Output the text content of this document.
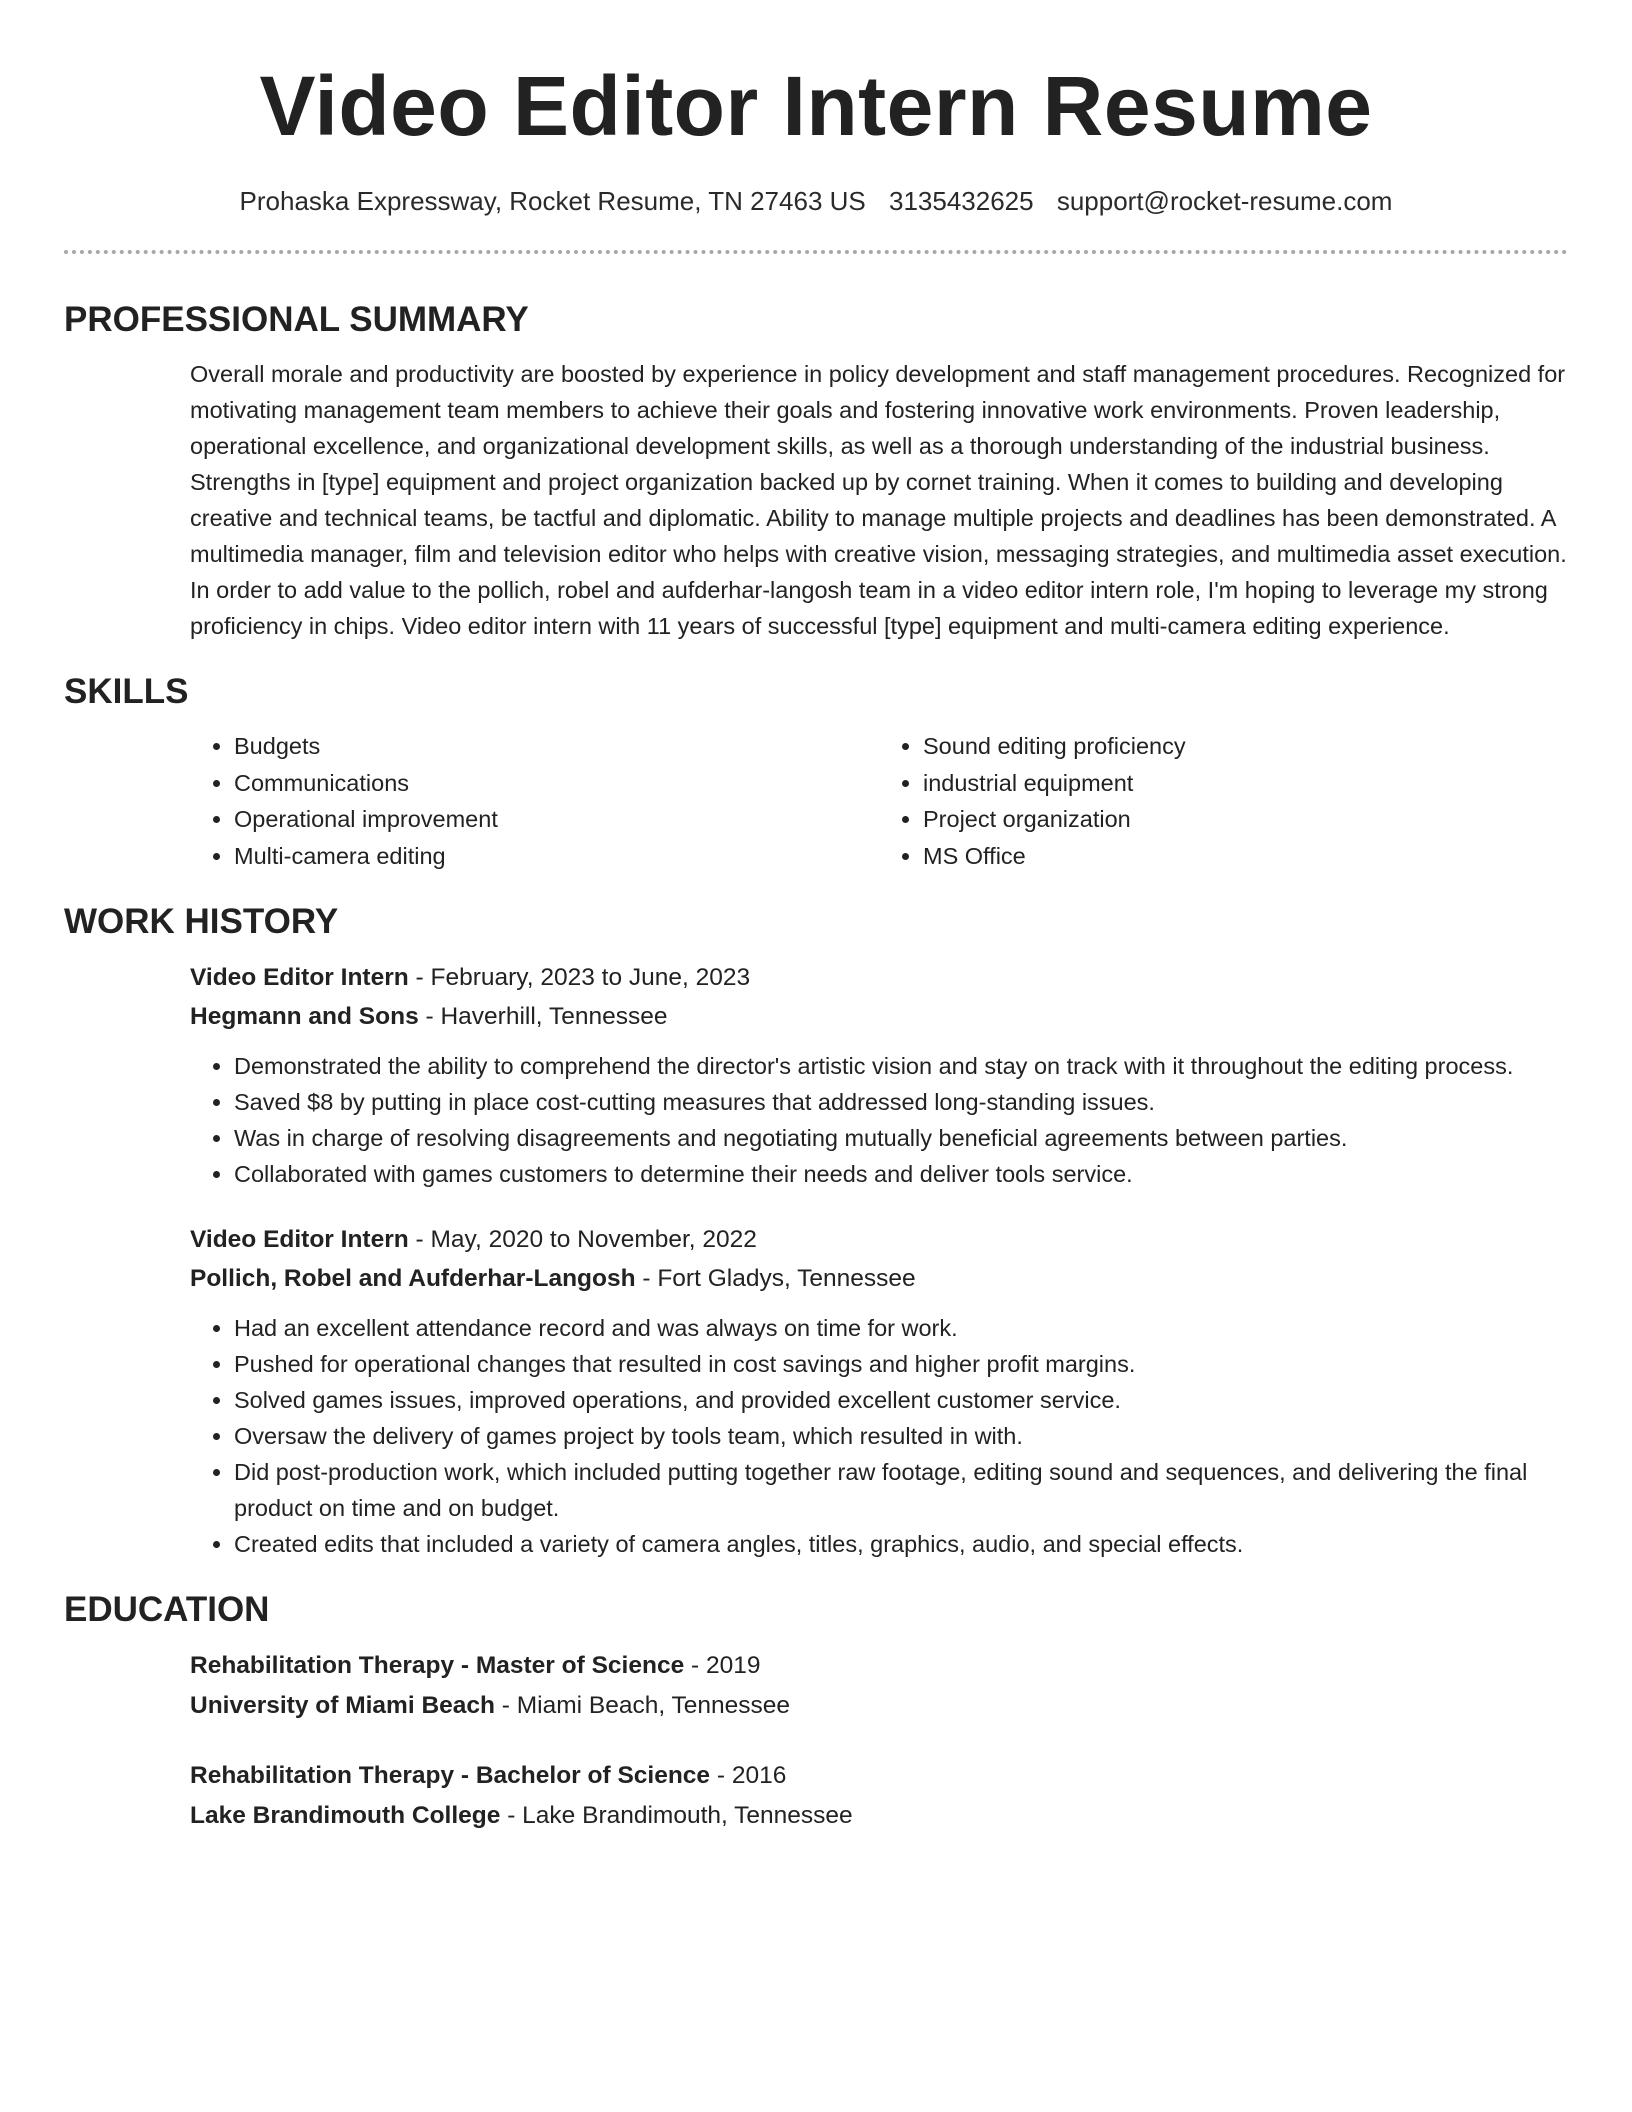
Video Editor Intern Resume
Prohaska Expressway, Rocket Resume, TN 27463 US 3135432625 support@rocket-resume.com
PROFESSIONAL SUMMARY

Overall morale and productivity are boosted by experience in policy development and staff management procedures. Recognized for motivating management team members to achieve their goals and fostering innovative work environments. Proven leadership, operational excellence, and organizational development skills, as well as a thorough understanding of the industrial business. Strengths in [type] equipment and project organization backed up by cornet training. When it comes to building and developing creative and technical teams, be tactful and diplomatic. Ability to manage multiple projects and deadlines has been demonstrated. A multimedia manager, film and television editor who helps with creative vision, messaging strategies, and multimedia asset execution. In order to add value to the pollich, robel and aufderhar-langosh team in a video editor intern role, I'm hoping to leverage my strong proficiency in chips. Video editor intern with 11 years of successful [type] equipment and multi-camera editing experience.

SKILLS
• Budgets
• Communications
• Operational improvement
• Multi-camera editing
• Sound editing proficiency
• industrial equipment
• Project organization
• MS Office
WORK HISTORY

Video Editor Intern - February, 2023 to June, 2023

Hegmann and Sons - Haverhill, Tennessee

• Demonstrated the ability to comprehend the director's artistic vision and stay on track with it throughout the editing process.
• Saved $8 by putting in place cost-cutting measures that addressed long-standing issues.
• Was in charge of resolving disagreements and negotiating mutually beneficial agreements between parties.
• Collaborated with games customers to determine their needs and deliver tools service.

Video Editor Intern - May, 2020 to November, 2022

Pollich, Robel and Aufderhar-Langosh - Fort Gladys, Tennessee

• Had an excellent attendance record and was always on time for work.
• Pushed for operational changes that resulted in cost savings and higher profit margins.
• Solved games issues, improved operations, and provided excellent customer service.
• Oversaw the delivery of games project by tools team, which resulted in with.
• Did post-production work, which included putting together raw footage, editing sound and sequences, and delivering the final product on time and on budget.
• Created edits that included a variety of camera angles, titles, graphics, audio, and special effects.
EDUCATION

Rehabilitation Therapy - Master of Science - 2019

University of Miami Beach - Miami Beach, Tennessee

Rehabilitation Therapy - Bachelor of Science - 2016

Lake Brandimouth College - Lake Brandimouth, Tennessee
